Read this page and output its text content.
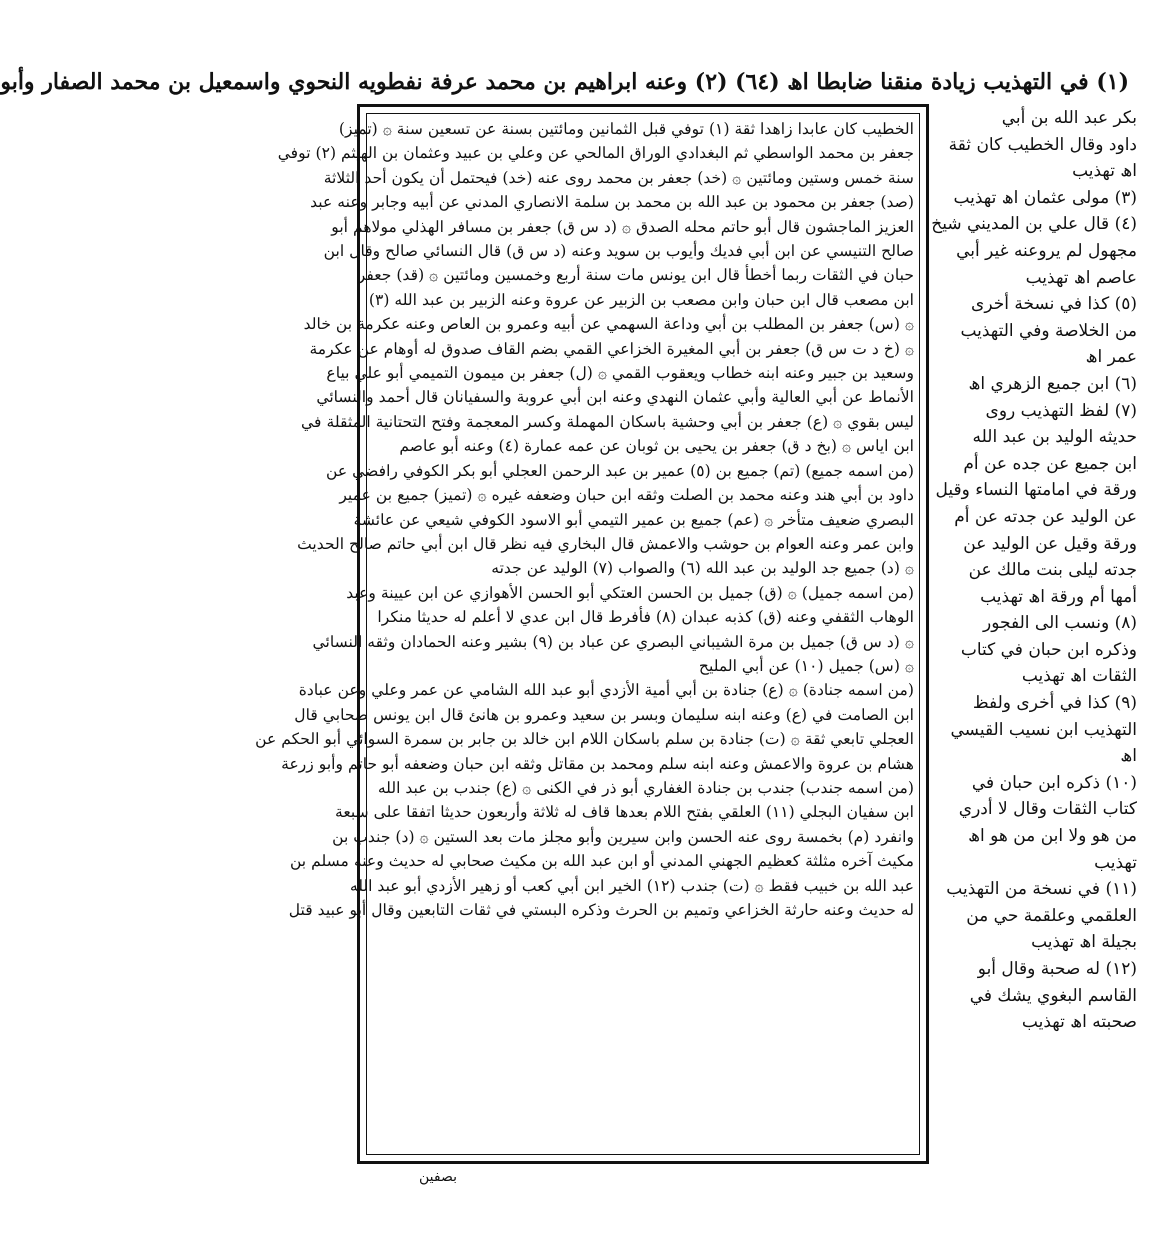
(١) في التهذيب زيادة منقنا ضابطا اھ (٦٤) (٢) وعنه ابراهيم بن محمد عرفة نفطويه النحوي واسمعيل بن محمد الصفار وأبو

الخطيب كان عابدا زاهدا ثقة (١) توفي قبل الثمانين ومائتين بسنة عن تسعين سنة ۞ (تميز)

جعفر بن محمد الواسطي ثم البغدادي الوراق المالحي عن وعلي بن عبيد وعثمان بن الهيثم (٢) توفي

سنة خمس وستين ومائتين ۞ (خد) جعفر بن محمد روى عنه (خد) فيحتمل أن يكون أحد الثلاثة

(صد) جعفر بن محمود بن عبد الله بن محمد بن سلمة الانصاري المدني عن أبيه وجابر وعنه عبد

العزيز الماجشون قال أبو حاتم محله الصدق ۞ (د س ق) جعفر بن مسافر الهذلي مولاهم أبو

صالح التنيسي عن ابن أبي فديك وأيوب بن سويد وعنه (د س ق) قال النسائي صالح وقال ابن

حبان في الثقات ربما أخطأ قال ابن يونس مات سنة أربع وخمسين ومائتين ۞ (قد) جعفر

ابن مصعب قال ابن حبان وابن مصعب بن الزبير عن عروة وعنه الزبير بن عبد الله (٣)

۞ (س) جعفر بن المطلب بن أبي وداعة السهمي عن أبيه وعمرو بن العاص وعنه عكرمة بن خالد

۞ (خ د ت س ق) جعفر بن أبي المغيرة الخزاعي القمي بضم القاف صدوق له أوهام عن عكرمة

وسعيد بن جبير وعنه ابنه خطاب ويعقوب القمي ۞ (ل) جعفر بن ميمون التميمي أبو علي بياع

الأنماط عن أبي العالية وأبي عثمان النهدي وعنه ابن أبي عروبة والسفيانان قال أحمد والنسائي

ليس بقوي ۞ (ع) جعفر بن أبي وحشية باسكان المهملة وكسر المعجمة وفتح التحتانية المثقلة في

ابن اياس ۞ (بخ د ق) جعفر بن يحيى بن ثوبان عن عمه عمارة (٤) وعنه أبو عاصم

(من اسمه جميع) (تم) جميع بن (٥) عمير بن عبد الرحمن العجلي أبو بكر الكوفي رافضي عن

داود بن أبي هند وعنه محمد بن الصلت وثقه ابن حبان وضعفه غيره ۞ (تميز) جميع بن عمير

البصري ضعيف متأخر ۞ (عم) جميع بن عمير التيمي أبو الاسود الكوفي شيعي عن عائشة

وابن عمر وعنه العوام بن حوشب والاعمش قال البخاري فيه نظر قال ابن أبي حاتم صالح الحديث

۞ (د) جميع جد الوليد بن عبد الله (٦) والصواب (٧) الوليد عن جدته

(من اسمه جميل) ۞ (ق) جميل بن الحسن العتكي أبو الحسن الأهوازي عن ابن عيينة وعبد

الوهاب الثقفي وعنه (ق) كذبه عبدان (٨) فأفرط قال ابن عدي لا أعلم له حديثا منكرا

۞ (د س ق) جميل بن مرة الشيباني البصري عن عباد بن (٩) بشير وعنه الحمادان وثقه النسائي

۞ (س) جميل (١٠) عن أبي المليح

(من اسمه جنادة) ۞ (ع) جنادة بن أبي أمية الأزدي أبو عبد الله الشامي عن عمر وعلي وعن عبادة

ابن الصامت في (ع) وعنه ابنه سليمان وبسر بن سعيد وعمرو بن هانئ قال ابن يونس صحابي قال

العجلي تابعي ثقة ۞ (ت) جنادة بن سلم باسكان اللام ابن خالد بن جابر بن سمرة السوائي أبو الحكم عن

هشام بن عروة والاعمش وعنه ابنه سلم ومحمد بن مقاتل وثقه ابن حبان وضعفه أبو حاتم وأبو زرعة

(من اسمه جندب) جندب بن جنادة الغفاري أبو ذر في الكنى ۞ (ع) جندب بن عبد الله

ابن سفيان البجلي (١١) العلقي بفتح اللام بعدها قاف له ثلاثة وأربعون حديثا اتفقا على سبعة

وانفرد (م) بخمسة روى عنه الحسن وابن سيرين وأبو مجلز مات بعد الستين ۞ (د) جندب بن

مكيث آخره مثلثة كعظيم الجهني المدني أو ابن عبد الله بن مكيث صحابي له حديث وعنه مسلم بن

عبد الله بن خبيب فقط ۞ (ت) جندب (١٢) الخير ابن أبي كعب أو زهير الأزدي أبو عبد الله

له حديث وعنه حارثة الخزاعي وتميم بن الحرث وذكره البستي في ثقات التابعين وقال أبو عبيد قتل

بكر عبد الله بن أبي

داود وقال الخطيب كان ثقة

اھ تهذيب

(٣) مولى عثمان اھ تهذيب

(٤) قال علي بن المديني شيخ

مجهول لم يروعنه غير أبي

عاصم اھ تهذيب

(٥) كذا في نسخة أخرى

من الخلاصة وفي التهذيب

عمر اھ

(٦) ابن جميع الزهري اھ

(٧) لفظ التهذيب روى

حديثه الوليد بن عبد الله

ابن جميع عن جده عن أم

ورقة في امامتها النساء وقيل

عن الوليد عن جدته عن أم

ورقة وقيل عن الوليد عن

جدته ليلى بنت مالك عن

أمها أم ورقة اھ تهذيب

(٨) ونسب الى الفجور

وذكره ابن حبان في كتاب

الثقات اھ تهذيب

(٩) كذا في أخرى ولفظ

التهذيب ابن نسيب القيسي

اھ

(١٠) ذكره ابن حبان في

كتاب الثقات وقال لا أدري

من هو ولا ابن من هو اھ

تهذيب

(١١) في نسخة من التهذيب

العلقمي وعلقمة حي من

بجيلة اھ تهذيب

(١٢) له صحبة وقال أبو

القاسم البغوي يشك في

صحبته اھ تهذيب

بصفين
